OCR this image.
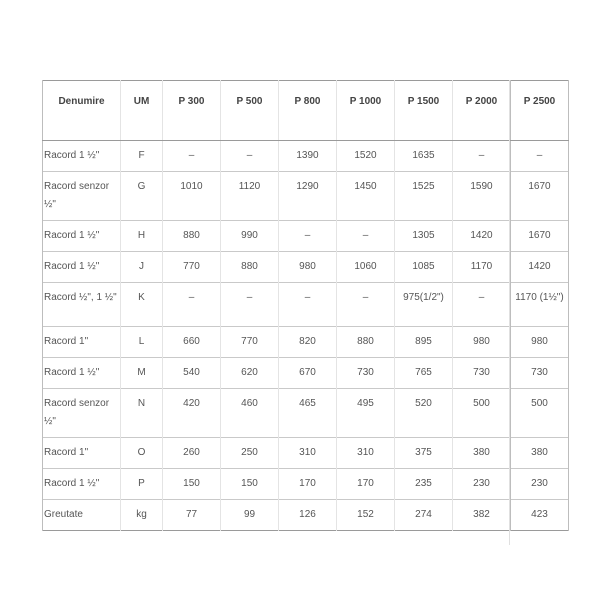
Denumire	UM	P 300	P 500	P 800	P 1000	P 1500	P 2000	P 2500
Racord 1 ½"	F	–	–	1390	1520	1635	–	–
Racord senzor ½"	G	1010	1120	1290	1450	1525	1590	1670
Racord 1 ½"	H	880	990	–	–	1305	1420	1670
Racord 1 ½"	J	770	880	980	1060	1085	1170	1420
Racord ½", 1 ½"	K	–	–	–	–	975(1/2")	–	1170 (1½")
Racord 1"	L	660	770	820	880	895	980	980
Racord 1 ½"	M	540	620	670	730	765	730	730
Racord senzor ½"	N	420	460	465	495	520	500	500
Racord 1"	O	260	250	310	310	375	380	380
Racord 1 ½"	P	150	150	170	170	235	230	230
Greutate	kg	77	99	126	152	274	382	423
